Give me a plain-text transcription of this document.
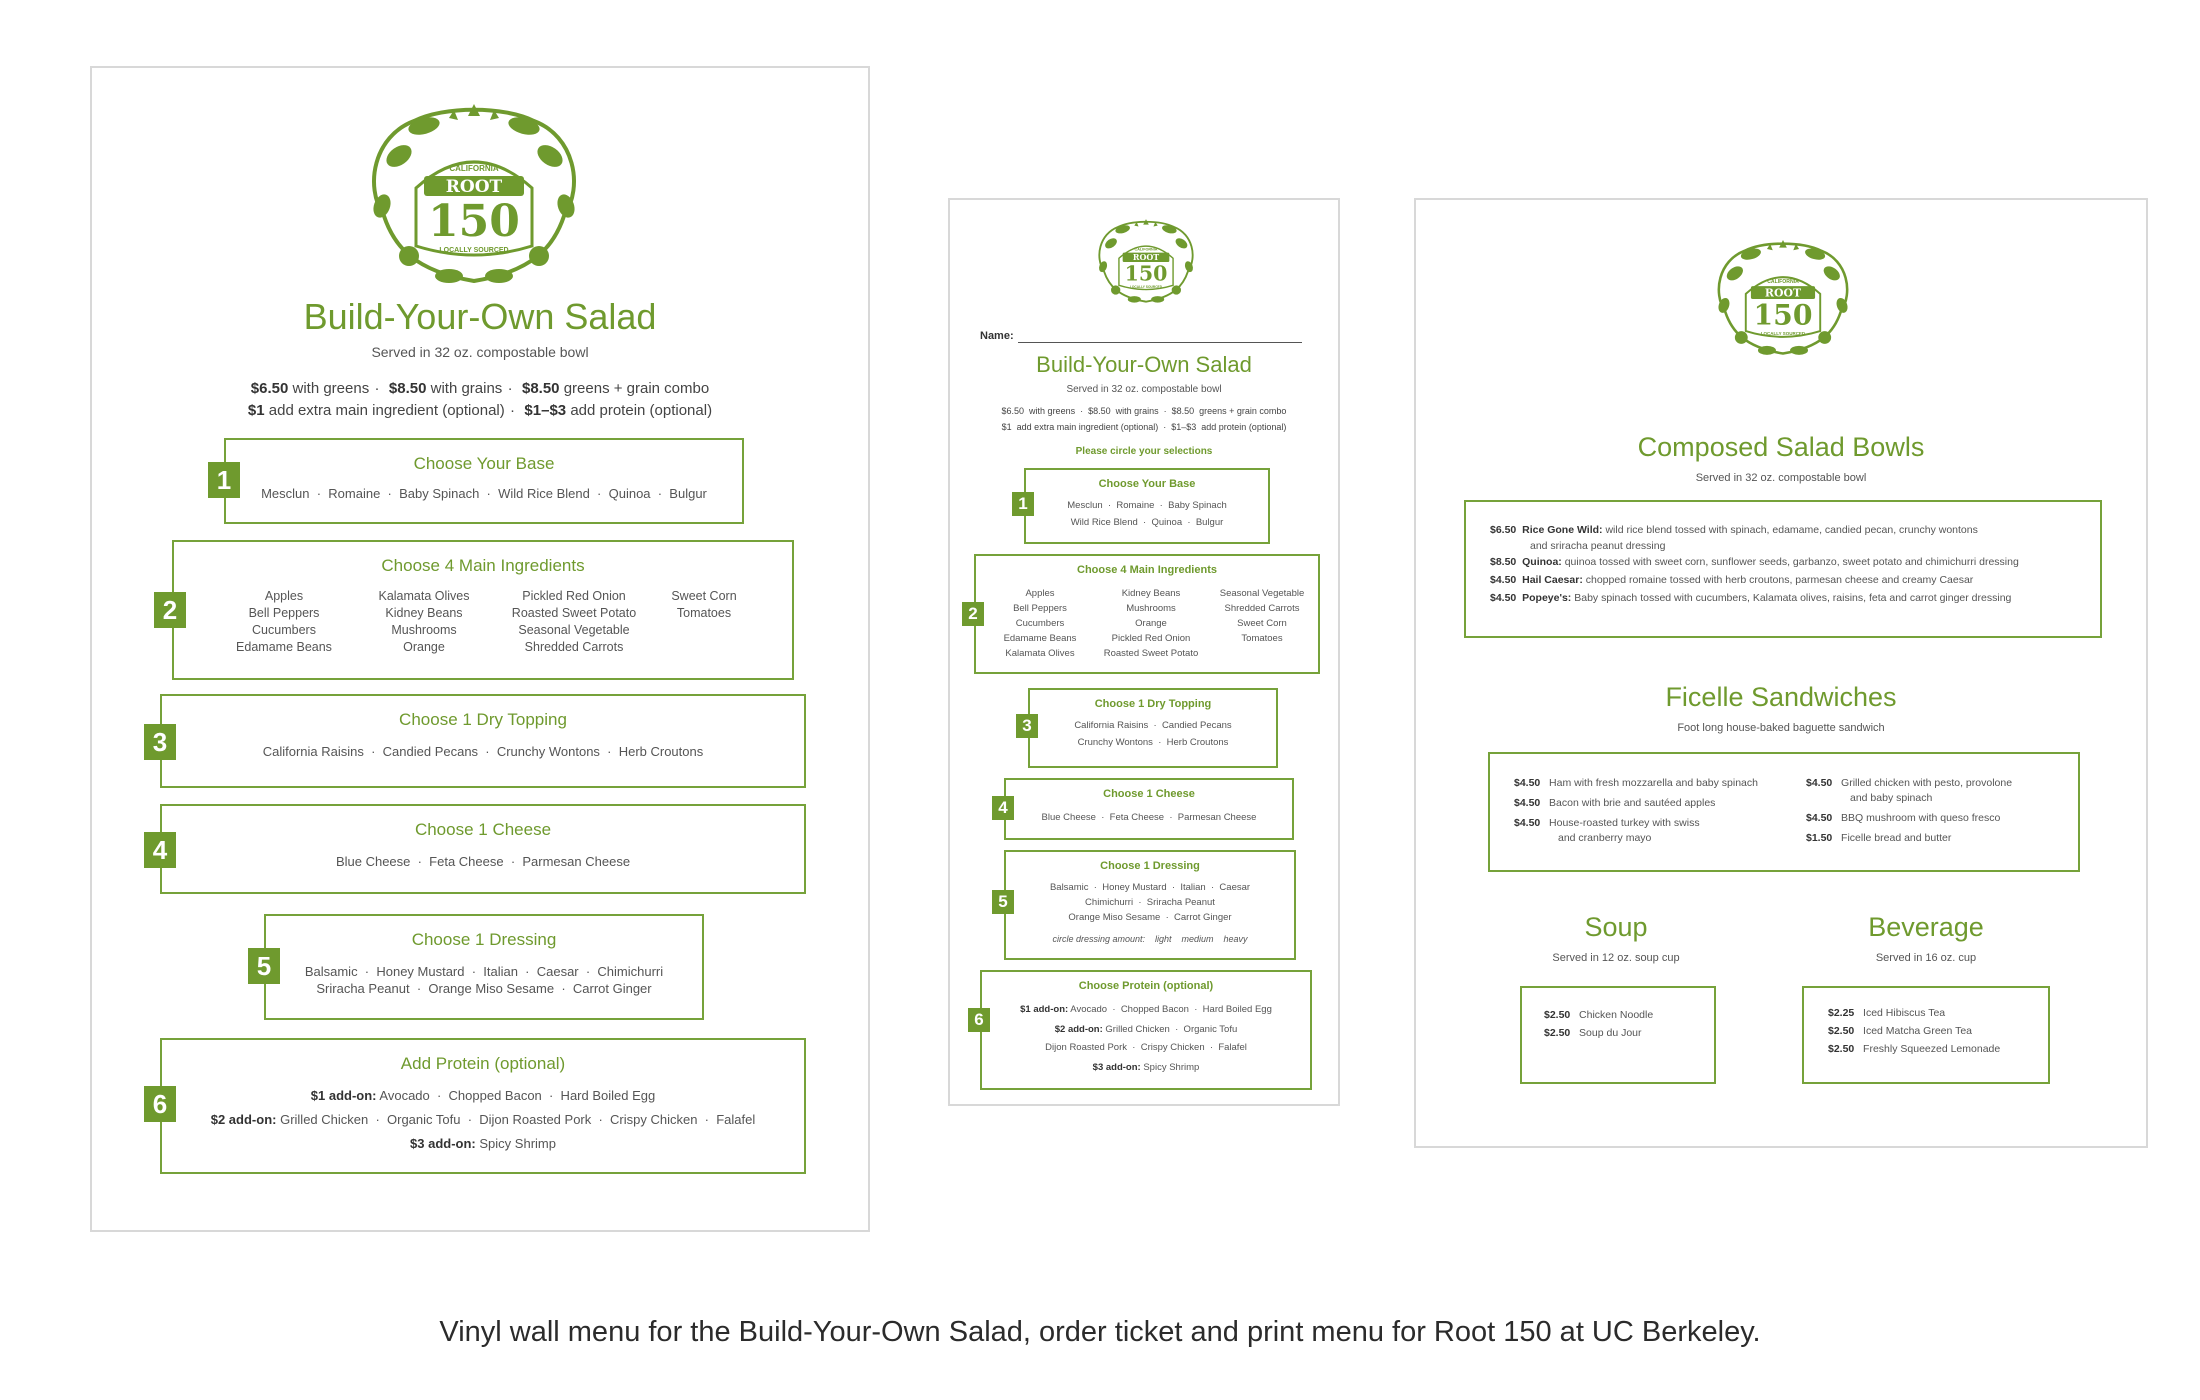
ROOT
CALIFORNIA
150
LOCALLY SOURCED
Build-Your-Own Salad
Served in 32 oz. compostable bowl
$6.50 with greens · $8.50 with grains · $8.50 greens + grain combo
$1 add extra main ingredient (optional) · $1–$3 add protein (optional)
Choose Your Base
Mesclun  ·  Romaine  ·  Baby Spinach  ·  Wild Rice Blend  ·  Quinoa  ·  Bulgur
1
Choose 4 Main Ingredients
Apples
Bell Peppers
Cucumbers
Edamame Beans
Kalamata Olives
Kidney Beans
Mushrooms
Orange
Pickled Red Onion
Roasted Sweet Potato
Seasonal Vegetable
Shredded Carrots
Sweet Corn
Tomatoes
2
Choose 1 Dry Topping
California Raisins  ·  Candied Pecans  ·  Crunchy Wontons  ·  Herb Croutons
3
Choose 1 Cheese
Blue Cheese  ·  Feta Cheese  ·  Parmesan Cheese
4
Choose 1 Dressing
Balsamic  ·  Honey Mustard  ·  Italian  ·  Caesar  ·  Chimichurri
Sriracha Peanut  ·  Orange Miso Sesame  ·  Carrot Ginger
5
Add Protein (optional)
$1 add-on: Avocado  ·  Chopped Bacon  ·  Hard Boiled Egg
$2 add-on: Grilled Chicken  ·  Organic Tofu  ·  Dijon Roasted Pork  ·  Crispy Chicken  ·  Falafel
$3 add-on: Spicy Shrimp
6
ROOT
CALIFORNIA
150
LOCALLY SOURCED
Name:
Build-Your-Own Salad
Served in 32 oz. compostable bowl
$6.50  with greens  ·  $8.50  with grains  ·  $8.50  greens + grain combo
$1  add extra main ingredient (optional)  ·  $1–$3  add protein (optional)
Please circle your selections
Choose Your Base
Mesclun  ·  Romaine  ·  Baby Spinach
Wild Rice Blend  ·  Quinoa  ·  Bulgur
1
Choose 4 Main Ingredients
Apples
Bell Peppers
Cucumbers
Edamame Beans
Kalamata Olives
Kidney Beans
Mushrooms
Orange
Pickled Red Onion
Roasted Sweet Potato
Seasonal Vegetable
Shredded Carrots
Sweet Corn
Tomatoes
2
Choose 1 Dry Topping
California Raisins  ·  Candied Pecans
Crunchy Wontons  ·  Herb Croutons
3
Choose 1 Cheese
Blue Cheese  ·  Feta Cheese  ·  Parmesan Cheese
4
Choose 1 Dressing
Balsamic  ·  Honey Mustard  ·  Italian  ·  Caesar
Chimichurri  ·  Sriracha Peanut
Orange Miso Sesame  ·  Carrot Ginger
circle dressing amount:    light    medium    heavy
5
Choose Protein (optional)
$1 add-on: Avocado  ·  Chopped Bacon  ·  Hard Boiled Egg
$2 add-on: Grilled Chicken  ·  Organic Tofu
Dijon Roasted Pork  ·  Crispy Chicken  ·  Falafel
$3 add-on: Spicy Shrimp
6
ROOT
CALIFORNIA
150
LOCALLY SOURCED
Composed Salad Bowls
Served in 32 oz. compostable bowl
$6.50 Rice Gone Wild: wild rice blend tossed with spinach, edamame, candied pecan, crunchy wontons
and sriracha peanut dressing
$8.50 Quinoa: quinoa tossed with sweet corn, sunflower seeds, garbanzo, sweet potato and chimichurri dressing
$4.50 Hail Caesar: chopped romaine tossed with herb croutons, parmesan cheese and creamy Caesar
$4.50 Popeye's: Baby spinach tossed with cucumbers, Kalamata olives, raisins, feta and carrot ginger dressing
Ficelle Sandwiches
Foot long house-baked baguette sandwich
$4.50 Ham with fresh mozzarella and baby spinach
$4.50 Bacon with brie and sautéed apples
$4.50 House-roasted turkey with swiss
and cranberry mayo
$4.50 Grilled chicken with pesto, provolone
and baby spinach
$4.50 BBQ mushroom with queso fresco
$1.50 Ficelle bread and butter
Soup
Served in 12 oz. soup cup
$2.50 Chicken Noodle
$2.50 Soup du Jour
Beverage
Served in 16 oz. cup
$2.25 Iced Hibiscus Tea
$2.50 Iced Matcha Green Tea
$2.50 Freshly Squeezed Lemonade
Vinyl wall menu for the Build-Your-Own Salad, order ticket and print menu for Root 150 at UC Berkeley.
